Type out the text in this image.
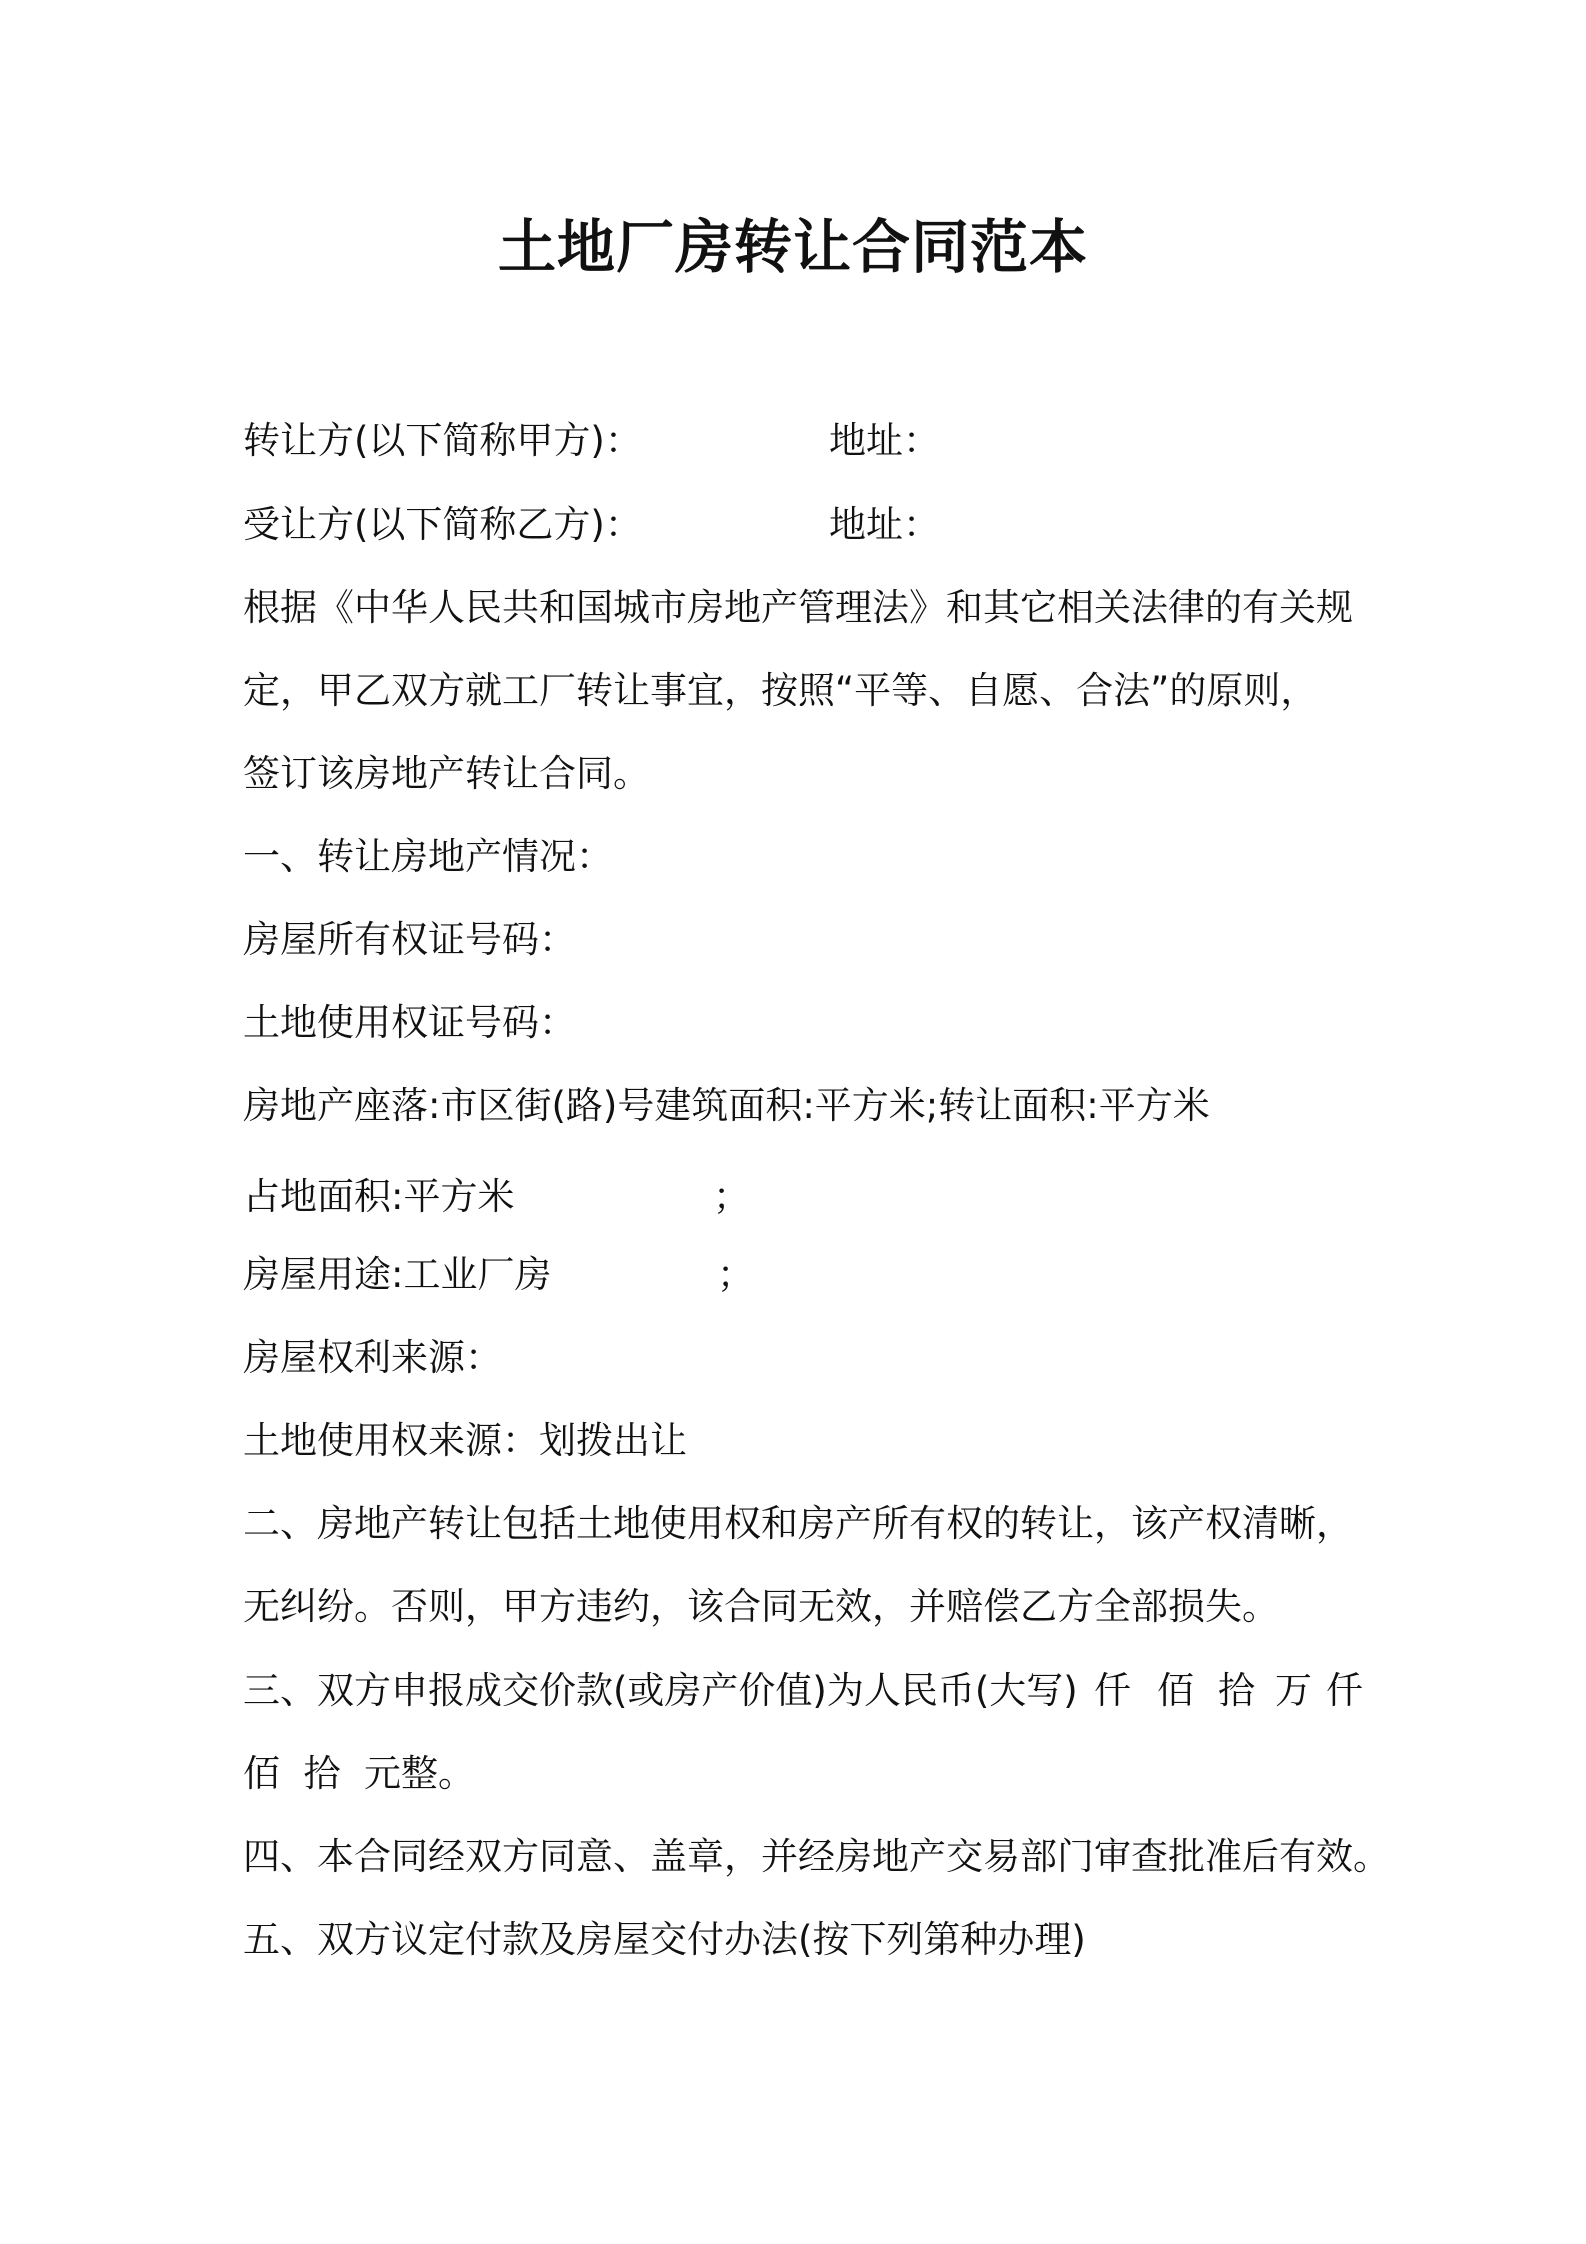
土地厂房转让合同范本
转让方(以下简称甲方)：	地址：
受让方(以下简称乙方)：	地址：
根据《中华人民共和国城市房地产管理法》和其它相关法律的有关规
定，甲乙双方就工厂转让事宜，按照“平等、自愿、合法”的原则，
签订该房地产转让合同。
一、转让房地产情况：
房屋所有权证号码：
土地使用权证号码：
房地产座落:市区街(路)号建筑面积:平方米;转让面积:平方米
占地面积:平方米	；
房屋用途:工业厂房	；
房屋权利来源：
土地使用权来源：划拨出让
二、房地产转让包括土地使用权和房产所有权的转让，该产权清晰，
无纠纷。否则，甲方违约，该合同无效，并赔偿乙方全部损失。
三、双方申报成交价款(或房产价值)为人民币(大写) 仟 佰 拾 万 仟
佰  拾  元整。
四、本合同经双方同意、盖章，并经房地产交易部门审查批准后有效。
五、双方议定付款及房屋交付办法(按下列第种办理)
